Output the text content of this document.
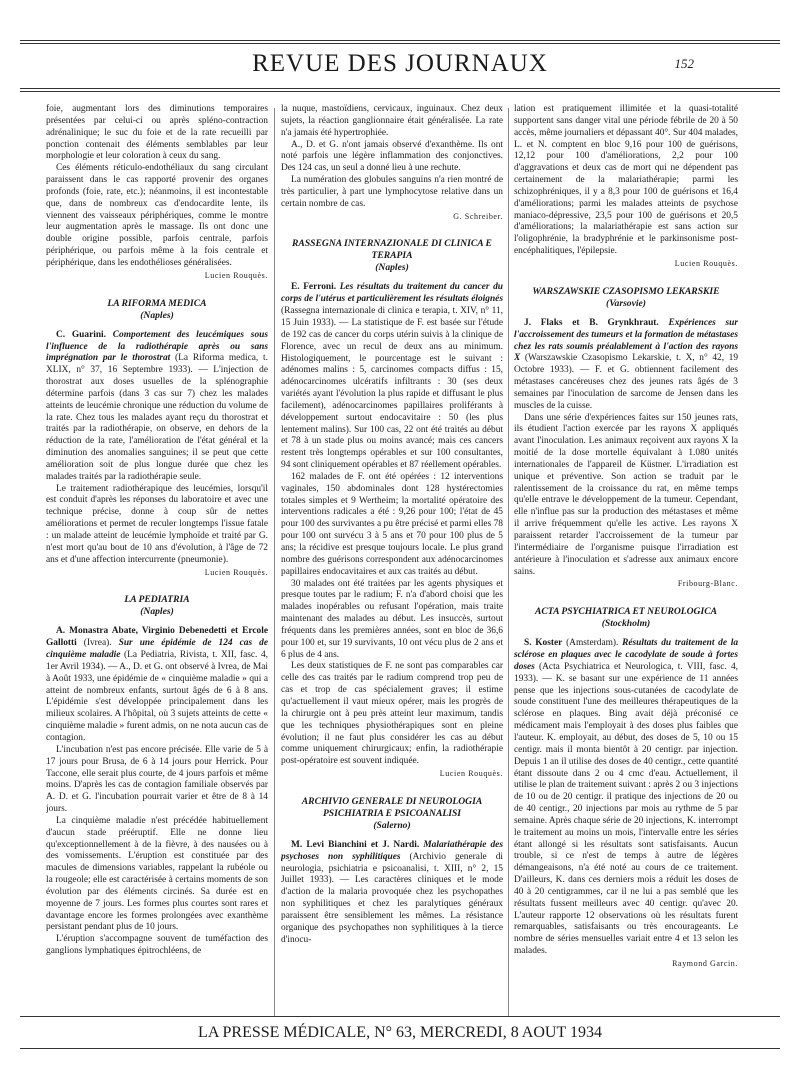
REVUE DES JOURNAUX	152

foie, augmentant lors des diminutions temporaires présentées par celui-ci ou après spléno-contraction adrénalinique; le suc du foie et de la rate recueilli par ponction contenait des éléments semblables par leur morphologie et leur coloration à ceux du sang.

Ces éléments réticulo-endothéliaux du sang circulant paraissent dans le cas rapporté provenir des organes profonds (foie, rate, etc.); néanmoins, il est incontestable que, dans de nombreux cas d'endocardite lente, ils viennent des vaisseaux périphériques, comme le montre leur augmentation après le massage. Ils ont donc une double origine possible, parfois centrale, parfois périphérique, ou parfois même à la fois centrale et périphérique, dans les endothélioses généralisées.

Lucien Rouquès.

LA RIFORMA MEDICA
(Naples)

C. Guarini. Comportement des leucémiques sous l'influence de la radiothérapie après ou sans imprégnation par le thorostrat (La Riforma medica, t. XLIX, n° 37, 16 Septembre 1933). — L'injection de thorostrat aux doses usuelles de la splénographie détermine parfois (dans 3 cas sur 7) chez les malades atteints de leucémie chronique une réduction du volume de la rate. Chez tous les malades ayant reçu du thorostrat et traités par la radiothérapie, on observe, en dehors de la réduction de la rate, l'amélioration de l'état général et la diminution des anomalies sanguines; il se peut que cette amélioration soit de plus longue durée que chez les malades traités par la radiothérapie seule.

Le traitement radiothérapique des leucémies, lorsqu'il est conduit d'après les réponses du laboratoire et avec une technique précise, donne à coup sûr de nettes améliorations et permet de reculer longtemps l'issue fatale : un malade atteint de leucémie lymphoïde et traité par G. n'est mort qu'au bout de 10 ans d'évolution, à l'âge de 72 ans et d'une affection intercurrente (pneumonie).

Lucien Rouquès.

LA PEDIATRIA
(Naples)

A. Monastra Abate, Virginio Debenedetti et Ercole Gallotti (Ivrea). Sur une épidémie de 124 cas de cinquième maladie (La Pediatria, Rivista, t. XII, fasc. 4, 1er Avril 1934). — A., D. et G. ont observé à Ivrea, de Mai à Août 1933, une épidémie de « cinquième maladie » qui a atteint de nombreux enfants, surtout âgés de 6 à 8 ans. L'épidémie s'est développée principalement dans les milieux scolaires. A l'hôpital, où 3 sujets atteints de cette « cinquième maladie » furent admis, on ne nota aucun cas de contagion.

L'incubation n'est pas encore précisée. Elle varie de 5 à 17 jours pour Brusa, de 6 à 14 jours pour Herrick. Pour Taccone, elle serait plus courte, de 4 jours parfois et même moins. D'après les cas de contagion familiale observés par A. D. et G. l'incubation pourrait varier et être de 8 à 14 jours.

La cinquième maladie n'est précédée habituellement d'aucun stade prééruptif. Elle ne donne lieu qu'exceptionnellement à de la fièvre, à des nausées ou à des vomissements. L'éruption est constituée par des macules de dimensions variables, rappelant la rubéole ou la rougeole; elle est caractérisée à certains moments de son évolution par des éléments circinés. Sa durée est en moyenne de 7 jours. Les formes plus courtes sont rares et davantage encore les formes prolongées avec exanthème persistant pendant plus de 10 jours.

L'éruption s'accompagne souvent de tuméfaction des ganglions lymphatiques épitrochléens, de

la nuque, mastoïdiens, cervicaux, inguinaux. Chez deux sujets, la réaction ganglionnaire était généralisée. La rate n'a jamais été hypertrophiée.

A., D. et G. n'ont jamais observé d'exanthème. Ils ont noté parfois une légère inflammation des conjonctives. Des 124 cas, un seul a donné lieu à une rechute.

La numération des globules sanguins n'a rien montré de très particulier, à part une lymphocytose relative dans un certain nombre de cas.

G. Schreiber.

RASSEGNA INTERNAZIONALE DI CLINICA E TERAPIA
(Naples)

E. Ferroni. Les résultats du traitement du cancer du corps de l'utérus et particulièrement les résultats éloignés (Rassegna internazionale di clinica e terapia, t. XIV, n° 11, 15 Juin 1933). — La statistique de F. est basée sur l'étude de 192 cas de cancer du corps utérin suivis à la clinique de Florence, avec un recul de deux ans au minimum. Histologiquement, le pourcentage est le suivant : adénomes malins : 5, carcinomes compacts diffus : 15, adénocarcinomes ulcératifs infiltrants : 30 (ses deux variétés ayant l'évolution la plus rapide et diffusant le plus facilement), adénocarcinomes papillaires proliférants à développement surtout endocavitaire : 50 (les plus lentement malins). Sur 100 cas, 22 ont été traités au début et 78 à un stade plus ou moins avancé; mais ces cancers restent très longtemps opérables et sur 100 consultantes, 94 sont cliniquement opérables et 87 réellement opérables.

162 malades de F. ont été opérées : 12 interventions vaginales, 150 abdominales dont 128 hystérectomies totales simples et 9 Wertheim; la mortalité opératoire des interventions radicales a été : 9,26 pour 100; l'état de 45 pour 100 des survivantes a pu être précisé et parmi elles 78 pour 100 ont survécu 3 à 5 ans et 70 pour 100 plus de 5 ans; la récidive est presque toujours locale. Le plus grand nombre des guérisons correspondent aux adénocarcinomes papillaires endocavitaires et aux cas traités au début.

30 malades ont été traitées par les agents physiques et presque toutes par le radium; F. n'a d'abord choisi que les malades inopérables ou refusant l'opération, mais traite maintenant des malades au début. Les insuccès, surtout fréquents dans les premières années, sont en bloc de 36,6 pour 100 et, sur 19 survivants, 10 ont vécu plus de 2 ans et 6 plus de 4 ans.

Les deux statistiques de F. ne sont pas comparables car celle des cas traités par le radium comprend trop peu de cas et trop de cas spécialement graves; il estime qu'actuellement il vaut mieux opérer, mais les progrès de la chirurgie ont à peu près atteint leur maximum, tandis que les techniques physiothérapiques sont en pleine évolution; il ne faut plus considérer les cas au début comme uniquement chirurgicaux; enfin, la radiothérapie post-opératoire est souvent indiquée.

Lucien Rouquès.

ARCHIVIO GENERALE DI NEUROLOGIA PSICHIATRIA E PSICOANALISI
(Salerno)

M. Levi Bianchini et J. Nardi. Malariathérapie des psychoses non syphilitiques (Archivio generale di neurologia, psichiatria e psicoanalisi, t. XIII, n° 2, 15 Juillet 1933). — Les caractères cliniques et le mode d'action de la malaria provoquée chez les psychopathes non syphilitiques et chez les paralytiques généraux paraissent être sensiblement les mêmes. La résistance organique des psychopathes non syphilitiques à la tierce d'inocu-

lation est pratiquement illimitée et la quasi-totalité supportent sans danger vital une période fébrile de 20 à 50 accès, même journaliers et dépassant 40°. Sur 404 malades, L. et N. comptent en bloc 9,16 pour 100 de guérisons, 12,12 pour 100 d'améliorations, 2,2 pour 100 d'aggravations et deux cas de mort qui ne dépendent pas certainement de la malariathérapie; parmi les schizophréniques, il y a 8,3 pour 100 de guérisons et 16,4 d'améliorations; parmi les malades atteints de psychose maniaco-dépressive, 23,5 pour 100 de guérisons et 20,5 d'améliorations; la malariathérapie est sans action sur l'oligophrénie, la bradyphrénie et le parkinsonisme post-encéphalitiques, l'épilepsie.

Lucien Rouquès.

WARSZAWSKIE CZASOPISMO LEKARSKIE
(Varsovie)

J. Flaks et B. Grynkhraut. Expériences sur l'accroissement des tumeurs et la formation de métastases chez les rats soumis préalablement à l'action des rayons X (Warszawskie Czasopismo Lekarskie, t. X, n° 42, 19 Octobre 1933). — F. et G. obtiennent facilement des métastases cancéreuses chez des jeunes rats âgés de 3 semaines par l'inoculation de sarcome de Jensen dans les muscles de la cuisse.

Dans une série d'expériences faites sur 150 jeunes rats, ils étudient l'action exercée par les rayons X appliqués avant l'inoculation. Les animaux reçoivent aux rayons X la moitié de la dose mortelle équivalant à 1.080 unités internationales de l'appareil de Küstner. L'irradiation est unique et préventive. Son action se traduit par le ralentissement de la croissance du rat, en même temps qu'elle entrave le développement de la tumeur. Cependant, elle n'influe pas sur la production des métastases et même il arrive fréquemment qu'elle les active. Les rayons X paraissent retarder l'accroissement de la tumeur par l'intermédiaire de l'organisme puisque l'irradiation est antérieure à l'inoculation et s'adresse aux animaux encore sains.

Fribourg-Blanc.

ACTA PSYCHIATRICA ET NEUROLOGICA
(Stockholm)

S. Koster (Amsterdam). Résultats du traitement de la sclérose en plaques avec le cacodylate de soude à fortes doses (Acta Psychiatrica et Neurologica, t. VIII, fasc. 4, 1933). — K. se basant sur une expérience de 11 années pense que les injections sous-cutanées de cacodylate de soude constituent l'une des meilleures thérapeutiques de la sclérose en plaques. Bing avait déjà préconisé ce médicament mais l'employait à des doses plus faibles que l'auteur. K. employait, au début, des doses de 5, 10 ou 15 centigr. mais il monta bientôt à 20 centigr. par injection. Depuis 1 an il utilise des doses de 40 centigr., cette quantité étant dissoute dans 2 ou 4 cmc d'eau. Actuellement, il utilise le plan de traitement suivant : après 2 ou 3 injections de 10 ou de 20 centigr. il pratique des injections de 20 ou de 40 centigr., 20 injections par mois au rythme de 5 par semaine. Après chaque série de 20 injections, K. interrompt le traitement au moins un mois, l'intervalle entre les séries étant allongé si les résultats sont satisfaisants. Aucun trouble, si ce n'est de temps à autre de légères démangeaisons, n'a été noté au cours de ce traitement. D'ailleurs, K. dans ces derniers mois a réduit les doses de 40 à 20 centigrammes, car il ne lui a pas semblé que les résultats fussent meilleurs avec 40 centigr. qu'avec 20. L'auteur rapporte 12 observations où les résultats furent remarquables, satisfaisants ou très encourageants. Le nombre de séries mensuelles variait entre 4 et 13 selon les malades.

Raymond Garcin.

LA PRESSE MÉDICALE, N° 63, MERCREDI, 8 AOUT 1934
